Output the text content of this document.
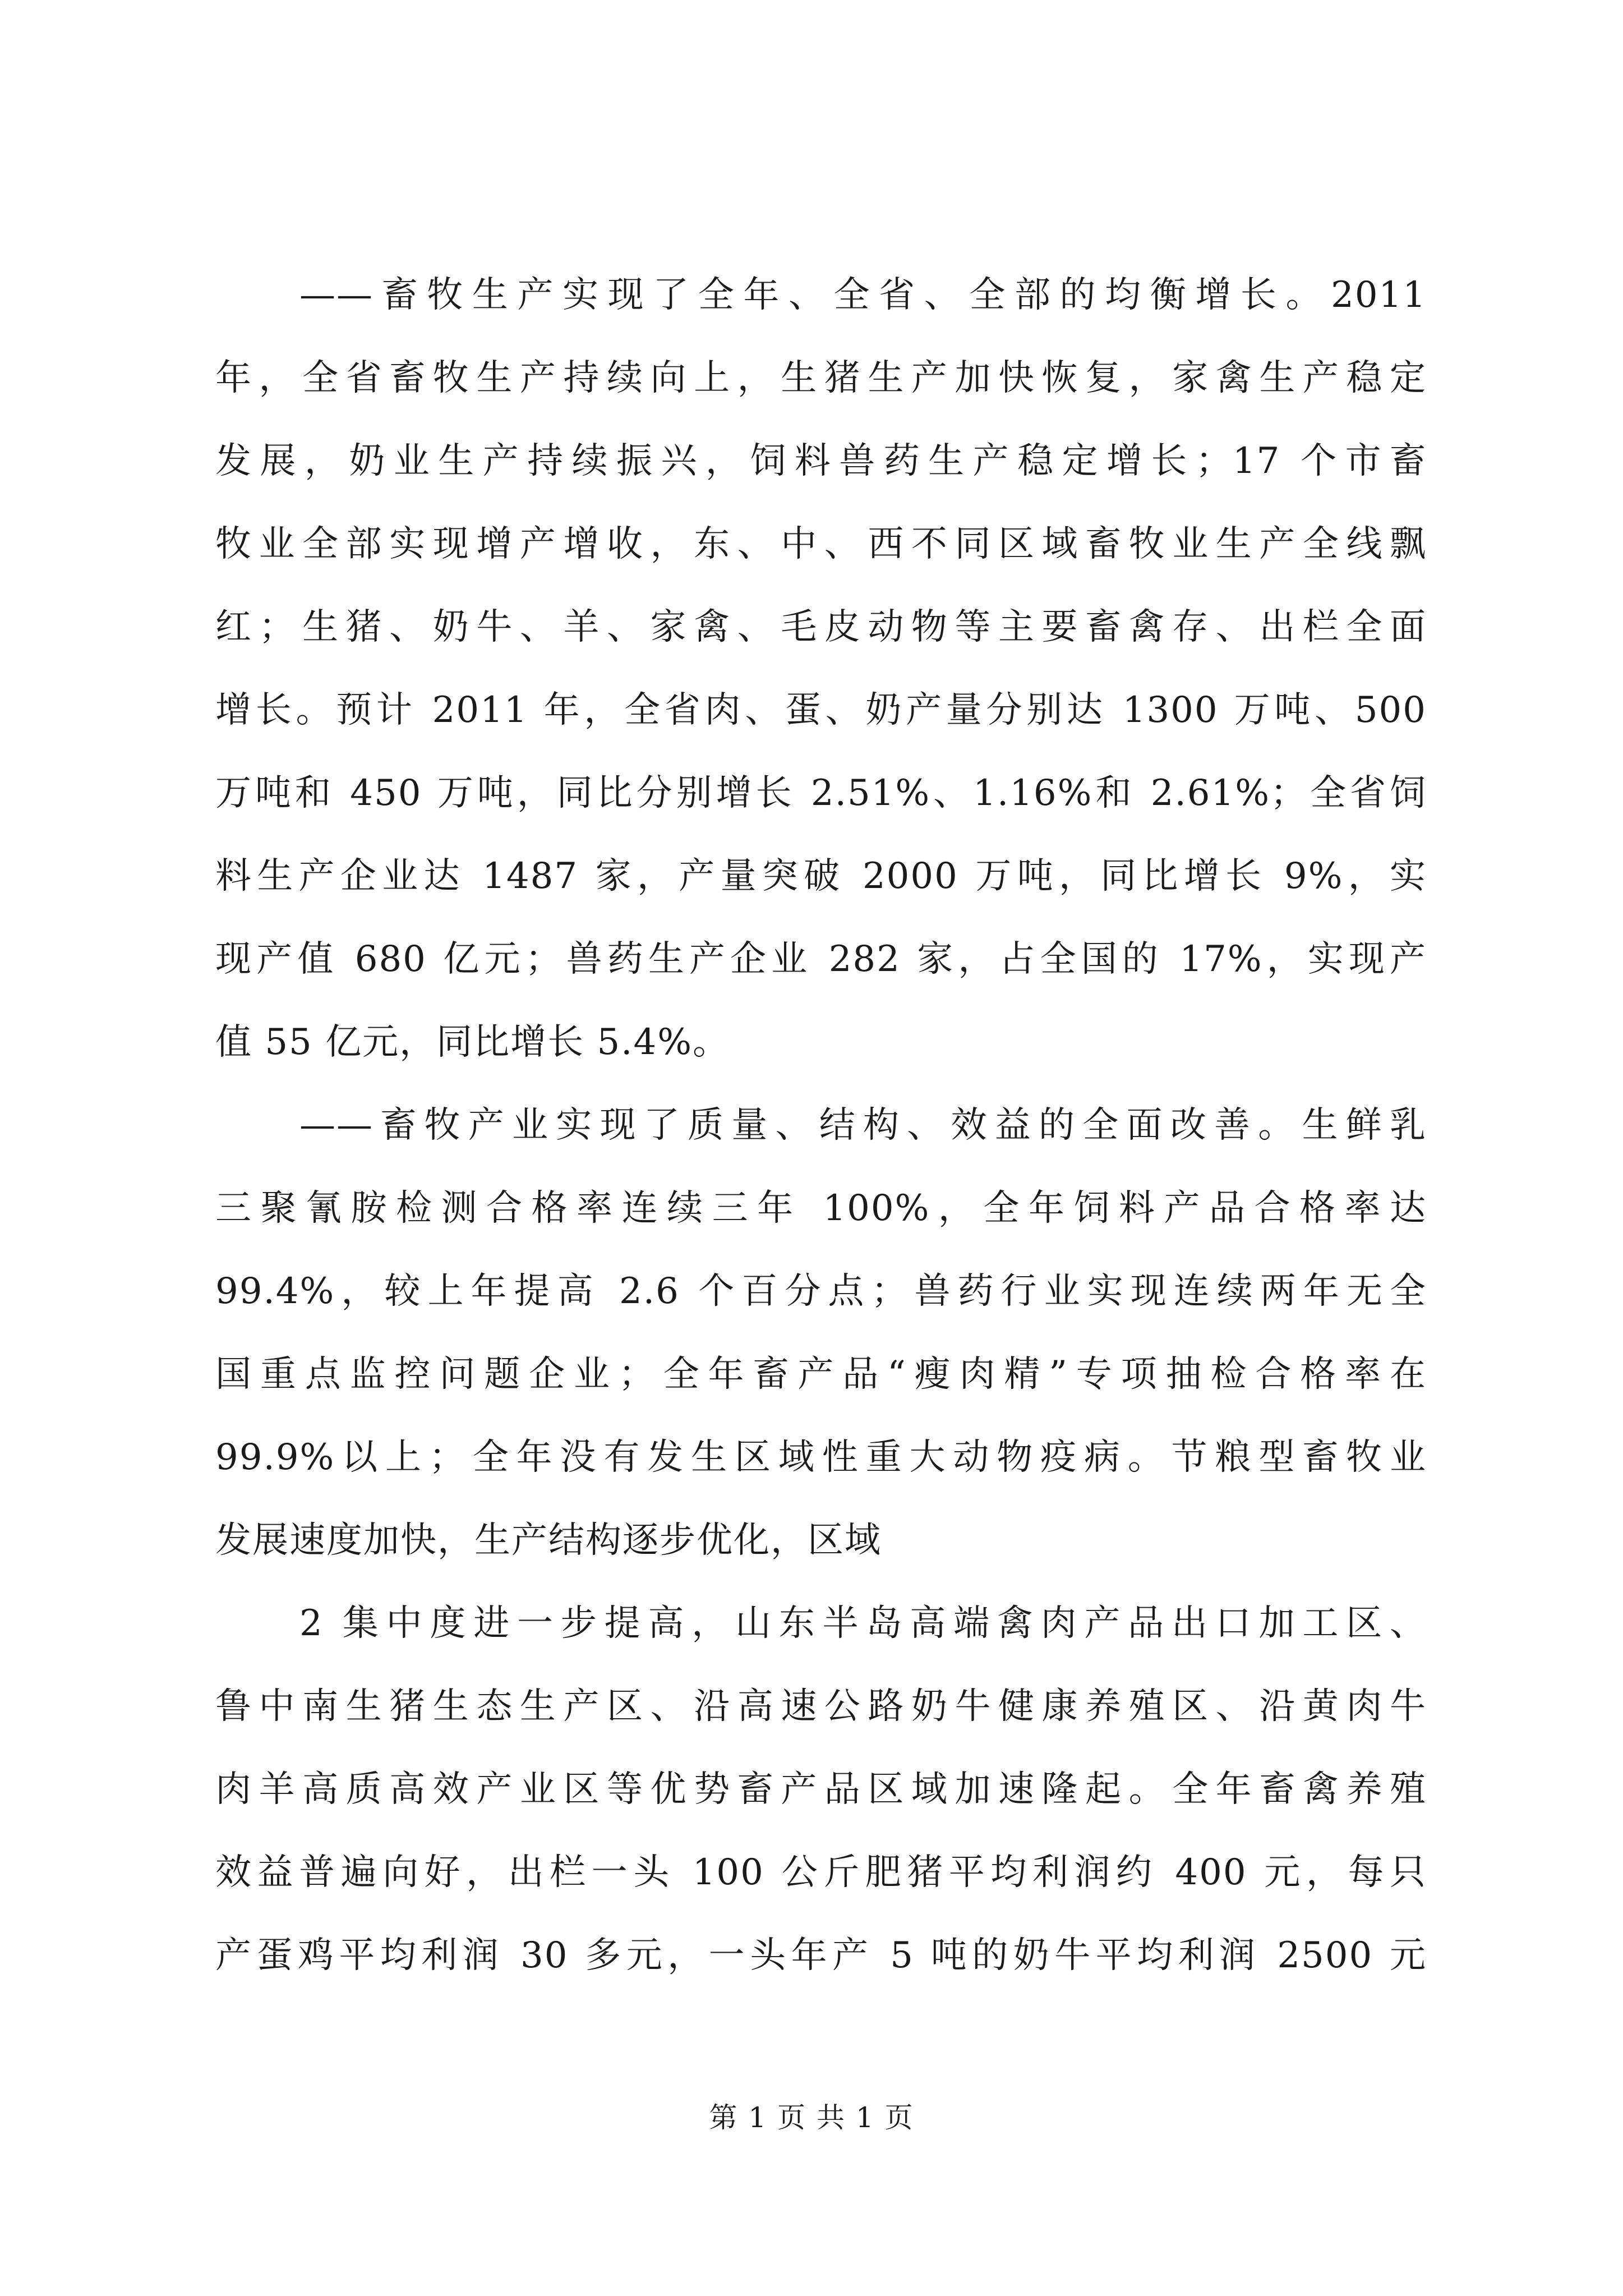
——畜牧生产实现了全年、全省、全部的均衡增长。2011
年，全省畜牧生产持续向上，生猪生产加快恢复，家禽生产稳定
发展，奶业生产持续振兴，饲料兽药生产稳定增长；17 个市畜
牧业全部实现增产增收，东、中、西不同区域畜牧业生产全线飘
红；生猪、奶牛、羊、家禽、毛皮动物等主要畜禽存、出栏全面
增长。预计 2011 年，全省肉、蛋、奶产量分别达 1300 万吨、500
万吨和 450 万吨，同比分别增长 2.51%、1.16%和 2.61%；全省饲
料生产企业达 1487 家，产量突破 2000 万吨，同比增长 9%，实
现产值 680 亿元；兽药生产企业 282 家，占全国的 17%，实现产
值 55 亿元，同比增长 5.4%。
——畜牧产业实现了质量、结构、效益的全面改善。生鲜乳
三聚氰胺检测合格率连续三年 100%，全年饲料产品合格率达
99.4%，较上年提高 2.6 个百分点；兽药行业实现连续两年无全
国重点监控问题企业；全年畜产品“瘦肉精”专项抽检合格率在
99.9%以上；全年没有发生区域性重大动物疫病。节粮型畜牧业
发展速度加快，生产结构逐步优化，区域
2 集中度进一步提高，山东半岛高端禽肉产品出口加工区、
鲁中南生猪生态生产区、沿高速公路奶牛健康养殖区、沿黄肉牛
肉羊高质高效产业区等优势畜产品区域加速隆起。全年畜禽养殖
效益普遍向好，出栏一头 100 公斤肥猪平均利润约 400 元，每只
产蛋鸡平均利润 30 多元，一头年产 5 吨的奶牛平均利润 2500 元
第 1 页 共 1 页
